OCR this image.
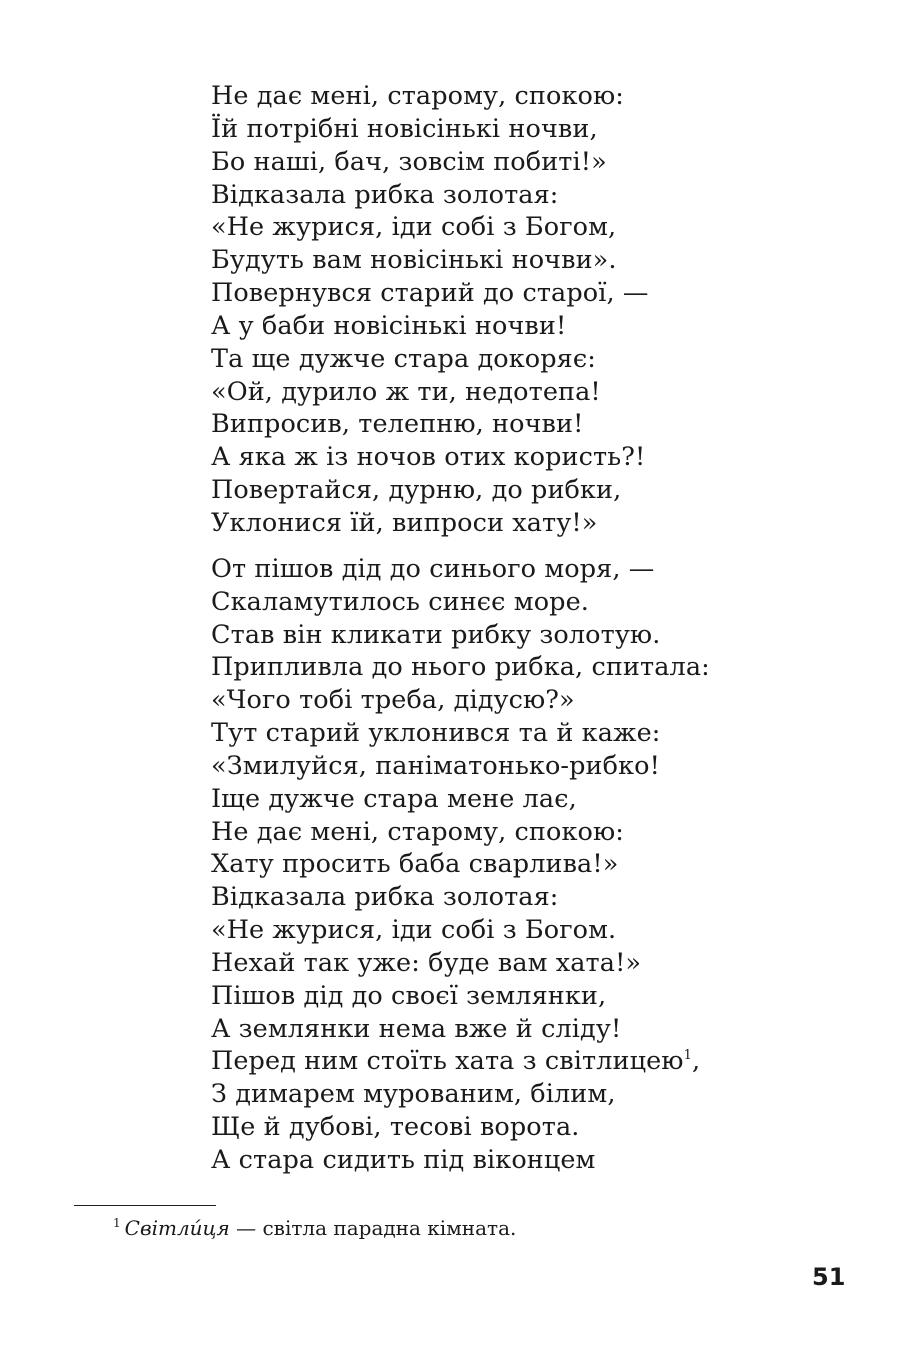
Не дає мені, старому, спокою:
Їй потрібні новісінькі ночви,
Бо наші, бач, зовсім побиті!»
Відказала рибка золотая:
«Не журися, іди собі з Богом,
Будуть вам новісінькі ночви».
Повернувся старий до старої, —
А у баби новісінькі ночви!
Та ще дужче стара докоряє:
«Ой, дурило ж ти, недотепа!
Випросив, телепню, ночви!
А яка ж із ночов отих користь?!
Повертайся, дурню, до рибки,
Уклонися їй, випроси хату!»
От пішов дід до синього моря, —
Скаламутилось синєє море.
Став він кликати рибку золотую.
Припливла до нього рибка, спитала:
«Чого тобі треба, дідусю?»
Тут старий уклонився та й каже:
«Змилуйся, паніматонько-рибко!
Іще дужче стара мене лає,
Не дає мені, старому, спокою:
Хату просить баба сварлива!»
Відказала рибка золотая:
«Не журися, іди собі з Богом.
Нехай так уже: буде вам хата!»
Пішов дід до своєї землянки,
А землянки нема вже й сліду!
Перед ним стоїть хата з світлицею$^1$,
З димарем мурованим, білим,
Ще й дубові, тесові ворота.
А стара сидить під віконцем
$^1$ Світли́ця — світла парадна кімната.
51
